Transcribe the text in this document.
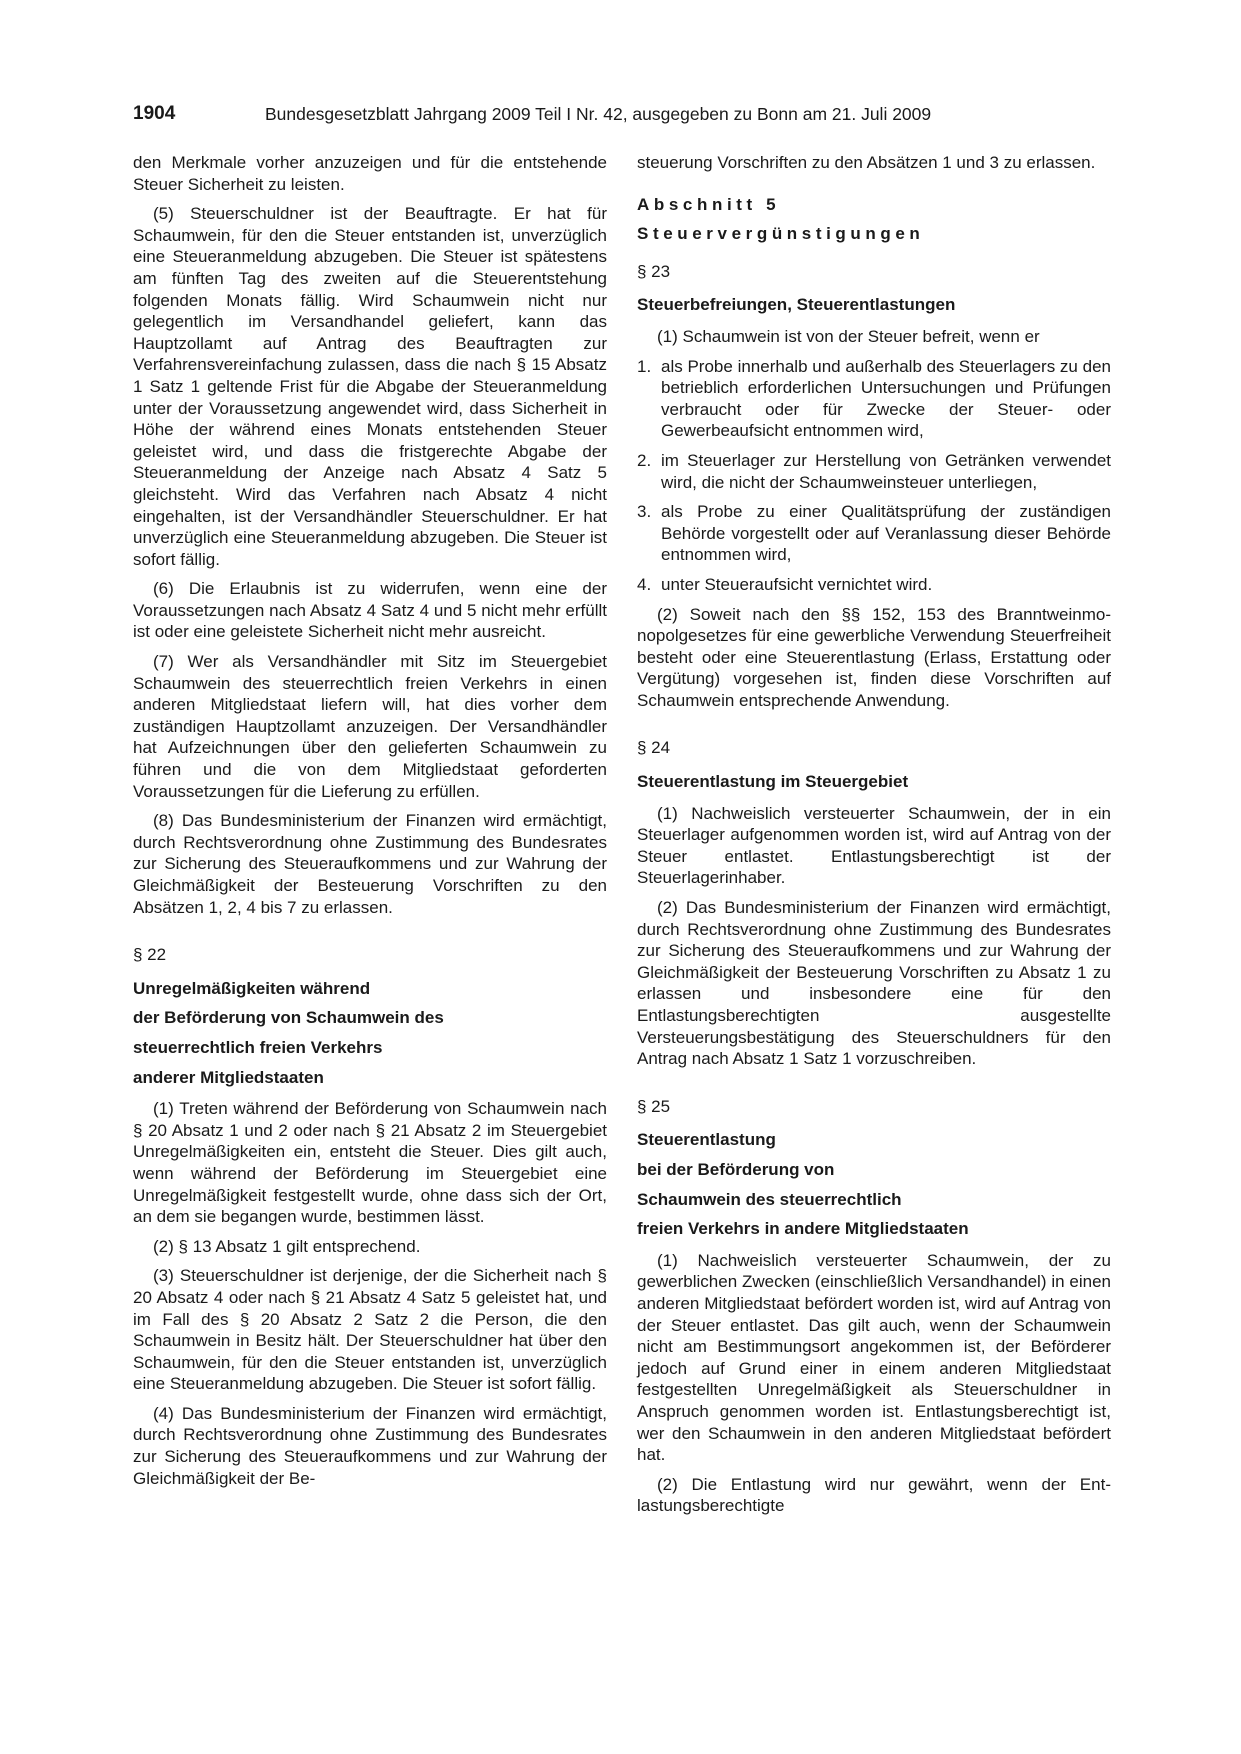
1904	Bundesgesetzblatt Jahrgang 2009 Teil I Nr. 42, ausgegeben zu Bonn am 21. Juli 2009

den Merkmale vorher anzuzeigen und für die entstehende Steuer Sicherheit zu leisten.

(5) Steuerschuldner ist der Beauftragte. Er hat für Schaumwein, für den die Steuer entstanden ist, unverzüglich eine Steueranmeldung abzugeben. Die Steuer ist spätestens am fünften Tag des zweiten auf die Steuerentstehung folgenden Monats fällig. Wird Schaumwein nicht nur gelegentlich im Versandhandel geliefert, kann das Hauptzollamt auf Antrag des Beauftragten zur Verfahrensvereinfachung zulassen, dass die nach § 15 Absatz 1 Satz 1 geltende Frist für die Abgabe der Steueranmeldung unter der Voraussetzung angewendet wird, dass Sicherheit in Höhe der während eines Monats entstehenden Steuer geleistet wird, und dass die fristgerechte Abgabe der Steueranmeldung der Anzeige nach Absatz 4 Satz 5 gleichsteht. Wird das Verfahren nach Absatz 4 nicht eingehalten, ist der Versandhändler Steuerschuldner. Er hat unverzüglich eine Steueranmeldung abzugeben. Die Steuer ist sofort fällig.

(6) Die Erlaubnis ist zu widerrufen, wenn eine der Voraussetzungen nach Absatz 4 Satz 4 und 5 nicht mehr erfüllt ist oder eine geleistete Sicherheit nicht mehr ausreicht.

(7) Wer als Versandhändler mit Sitz im Steuergebiet Schaumwein des steuerrechtlich freien Verkehrs in einen anderen Mitgliedstaat liefern will, hat dies vorher dem zuständigen Hauptzollamt anzuzeigen. Der Versandhändler hat Aufzeichnungen über den gelieferten Schaumwein zu führen und die von dem Mitgliedstaat geforderten Voraussetzungen für die Lieferung zu erfüllen.

(8) Das Bundesministerium der Finanzen wird ermächtigt, durch Rechtsverordnung ohne Zustimmung des Bundesrates zur Sicherung des Steueraufkommens und zur Wahrung der Gleichmäßigkeit der Besteuerung Vorschriften zu den Absätzen 1, 2, 4 bis 7 zu erlassen.

§ 22

Unregelmäßigkeiten während

der Beförderung von Schaumwein des

steuerrechtlich freien Verkehrs

anderer Mitgliedstaaten

(1) Treten während der Beförderung von Schaumwein nach § 20 Absatz 1 und 2 oder nach § 21 Absatz 2 im Steuergebiet Unregelmäßigkeiten ein, entsteht die Steuer. Dies gilt auch, wenn während der Beförderung im Steuergebiet eine Unregelmäßigkeit festgestellt wurde, ohne dass sich der Ort, an dem sie begangen wurde, bestimmen lässt.

(2) § 13 Absatz 1 gilt entsprechend.

(3) Steuerschuldner ist derjenige, der die Sicherheit nach § 20 Absatz 4 oder nach § 21 Absatz 4 Satz 5 geleistet hat, und im Fall des § 20 Absatz 2 Satz 2 die Person, die den Schaumwein in Besitz hält. Der Steuerschuldner hat über den Schaumwein, für den die Steuer entstanden ist, unverzüglich eine Steueranmeldung abzugeben. Die Steuer ist sofort fällig.

(4) Das Bundesministerium der Finanzen wird ermächtigt, durch Rechtsverordnung ohne Zustimmung des Bundesrates zur Sicherung des Steueraufkommens und zur Wahrung der Gleichmäßigkeit der Be-

steuerung Vorschriften zu den Absätzen 1 und 3 zu erlassen.

Abschnitt 5

Steuervergünstigungen

§ 23

Steuerbefreiungen, Steuerentlastungen

(1) Schaumwein ist von der Steuer befreit, wenn er

1. als Probe innerhalb und außerhalb des Steuerlagers zu den betrieblich erforderlichen Untersuchungen und Prüfungen verbraucht oder für Zwecke der Steuer- oder Gewerbeaufsicht entnommen wird,
2. im Steuerlager zur Herstellung von Getränken verwendet wird, die nicht der Schaumweinsteuer unterliegen,
3. als Probe zu einer Qualitätsprüfung der zuständigen Behörde vorgestellt oder auf Veranlassung dieser Behörde entnommen wird,
4. unter Steueraufsicht vernichtet wird.

(2) Soweit nach den §§ 152, 153 des Branntweinmonopolgesetzes für eine gewerbliche Verwendung Steuerfreiheit besteht oder eine Steuerentlastung (Erlass, Erstattung oder Vergütung) vorgesehen ist, finden diese Vorschriften auf Schaumwein entsprechende Anwendung.

§ 24

Steuerentlastung im Steuergebiet

(1) Nachweislich versteuerter Schaumwein, der in ein Steuerlager aufgenommen worden ist, wird auf Antrag von der Steuer entlastet. Entlastungsberechtigt ist der Steuerlagerinhaber.

(2) Das Bundesministerium der Finanzen wird ermächtigt, durch Rechtsverordnung ohne Zustimmung des Bundesrates zur Sicherung des Steueraufkommens und zur Wahrung der Gleichmäßigkeit der Besteuerung Vorschriften zu Absatz 1 zu erlassen und insbesondere eine für den Entlastungsberechtigten ausgestellte Versteuerungsbestätigung des Steuerschuldners für den Antrag nach Absatz 1 Satz 1 vorzuschreiben.

§ 25

Steuerentlastung

bei der Beförderung von

Schaumwein des steuerrechtlich

freien Verkehrs in andere Mitgliedstaaten

(1) Nachweislich versteuerter Schaumwein, der zu gewerblichen Zwecken (einschließlich Versandhandel) in einen anderen Mitgliedstaat befördert worden ist, wird auf Antrag von der Steuer entlastet. Das gilt auch, wenn der Schaumwein nicht am Bestimmungsort angekommen ist, der Beförderer jedoch auf Grund einer in einem anderen Mitgliedstaat festgestellten Unregelmäßigkeit als Steuerschuldner in Anspruch genommen worden ist. Entlastungsberechtigt ist, wer den Schaumwein in den anderen Mitgliedstaat befördert hat.

(2) Die Entlastung wird nur gewährt, wenn der Entlastungsberechtigte
